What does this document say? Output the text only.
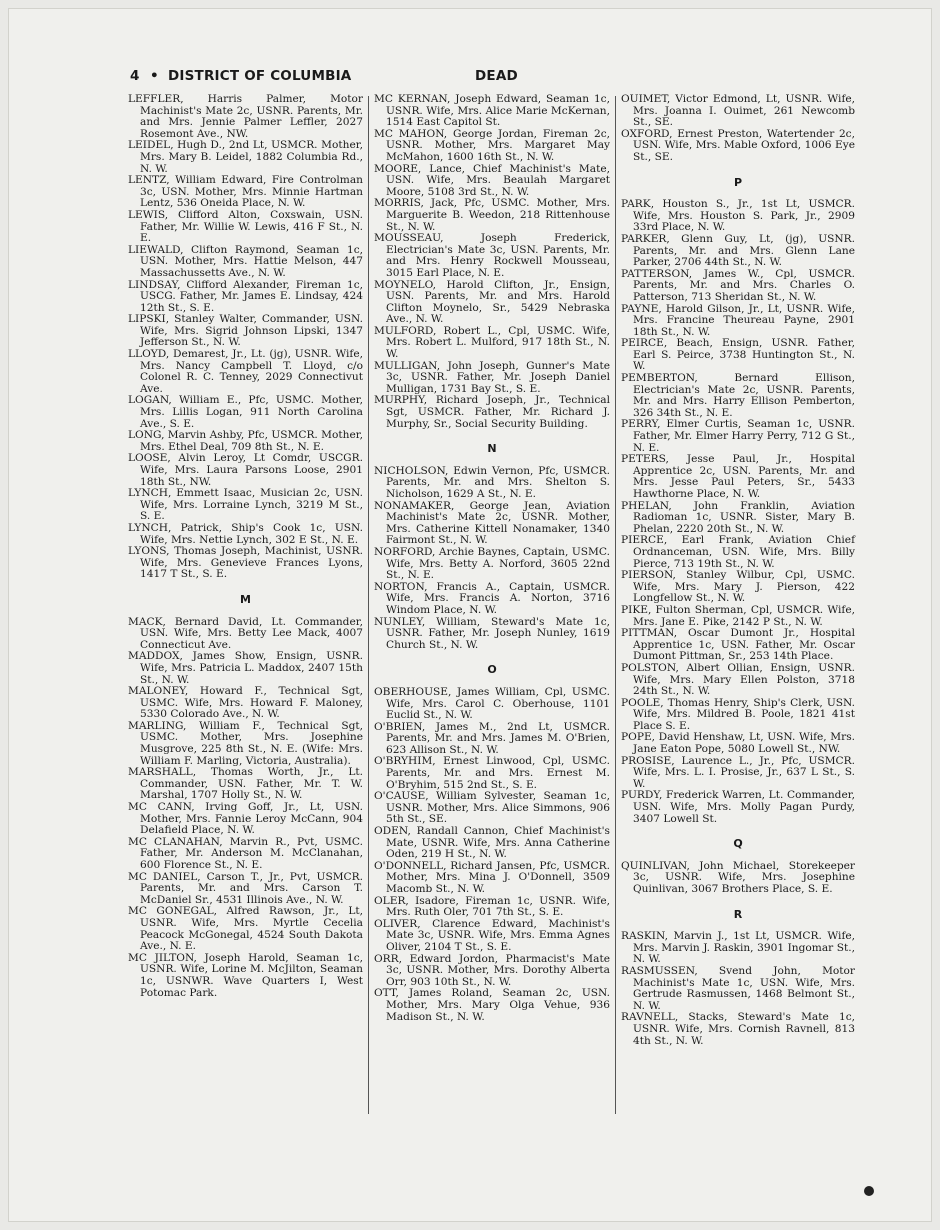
4 • DISTRICT OF COLUMBIA	DEAD
LEFFLER, Harris Palmer, Motor Machinist's Mate 2c, USNR. Parents, Mr. and Mrs. Jennie Palmer Leffler, 2027 Rosemont Ave., NW.
LEIDEL, Hugh D., 2nd Lt, USMCR. Mother, Mrs. Mary B. Leidel, 1882 Columbia Rd., N. W.
LENTZ, William Edward, Fire Controlman 3c, USN. Mother, Mrs. Minnie Hartman Lentz, 536 Oneida Place, N. W.
LEWIS, Clifford Alton, Coxswain, USN. Father, Mr. Willie W. Lewis, 416 F St., N. E.
LIEWALD, Clifton Raymond, Seaman 1c, USN. Mother, Mrs. Hattie Melson, 447 Massachussetts Ave., N. W.
LINDSAY, Clifford Alexander, Fireman 1c, USCG. Father, Mr. James E. Lindsay, 424 12th St., S. E.
LIPSKI, Stanley Walter, Commander, USN. Wife, Mrs. Sigrid Johnson Lipski, 1347 Jefferson St., N. W.
LLOYD, Demarest, Jr., Lt. (jg), USNR. Wife, Mrs. Nancy Campbell T. Lloyd, c/o Colonel R. C. Tenney, 2029 Connectivut Ave.
LOGAN, William E., Pfc, USMC. Mother, Mrs. Lillis Logan, 911 North Carolina Ave., S. E.
LONG, Marvin Ashby, Pfc, USMCR. Mother, Mrs. Ethel Deal, 709 8th St., N. E.
LOOSE, Alvin Leroy, Lt Comdr, USCGR. Wife, Mrs. Laura Parsons Loose, 2901 18th St., NW.
LYNCH, Emmett Isaac, Musician 2c, USN. Wife, Mrs. Lorraine Lynch, 3219 M St., S. E.
LYNCH, Patrick, Ship's Cook 1c, USN. Wife, Mrs. Nettie Lynch, 302 E St., N. E.
LYONS, Thomas Joseph, Machinist, USNR. Wife, Mrs. Genevieve Frances Lyons, 1417 T St., S. E.
M
MACK, Bernard David, Lt. Commander, USN. Wife, Mrs. Betty Lee Mack, 4007 Connecticut Ave.
MADDOX, James Show, Ensign, USNR. Wife, Mrs. Patricia L. Maddox, 2407 15th St., N. W.
MALONEY, Howard F., Technical Sgt, USMC. Wife, Mrs. Howard F. Maloney, 5330 Colorado Ave., N. W.
MARLING, William F., Technical Sgt, USMC. Mother, Mrs. Josephine Musgrove, 225 8th St., N. E. (Wife: Mrs. William F. Marling, Victoria, Australia).
MARSHALL, Thomas Worth, Jr., Lt. Commander, USN. Father, Mr. T. W. Marshal, 1707 Holly St., N. W.
MC CANN, Irving Goff, Jr., Lt, USN. Mother, Mrs. Fannie Leroy McCann, 904 Delafield Place, N. W.
MC CLANAHAN, Marvin R., Pvt, USMC. Father, Mr. Anderson M. McClanahan, 600 Florence St., N. E.
MC DANIEL, Carson T., Jr., Pvt, USMCR. Parents, Mr. and Mrs. Carson T. McDaniel Sr., 4531 Illinois Ave., N. W.
MC GONEGAL, Alfred Rawson, Jr., Lt, USNR. Wife, Mrs. Myrtle Cecelia Peacock McGonegal, 4524 South Dakota Ave., N. E.
MC JILTON, Joseph Harold, Seaman 1c, USNR. Wife, Lorine M. McJilton, Seaman 1c, USNWR. Wave Quarters I, West Potomac Park.
MC KERNAN, Joseph Edward, Seaman 1c, USNR. Wife, Mrs. Alice Marie McKernan, 1514 East Capitol St.
MC MAHON, George Jordan, Fireman 2c, USNR. Mother, Mrs. Margaret May McMahon, 1600 16th St., N. W.
MOORE, Lance, Chief Machinist's Mate, USN. Wife, Mrs. Beaulah Margaret Moore, 5108 3rd St., N. W.
MORRIS, Jack, Pfc, USMC. Mother, Mrs. Marguerite B. Weedon, 218 Rittenhouse St., N. W.
MOUSSEAU, Joseph Frederick, Electrician's Mate 3c, USN. Parents, Mr. and Mrs. Henry Rockwell Mousseau, 3015 Earl Place, N. E.
MOYNELO, Harold Clifton, Jr., Ensign, USN. Parents, Mr. and Mrs. Harold Clifton Moynelo, Sr., 5429 Nebraska Ave., N. W.
MULFORD, Robert L., Cpl, USMC. Wife, Mrs. Robert L. Mulford, 917 18th St., N. W.
MULLIGAN, John Joseph, Gunner's Mate 3c, USNR. Father, Mr. Joseph Daniel Mulligan, 1731 Bay St., S. E.
MURPHY, Richard Joseph, Jr., Technical Sgt, USMCR. Father, Mr. Richard J. Murphy, Sr., Social Security Building.
N
NICHOLSON, Edwin Vernon, Pfc, USMCR. Parents, Mr. and Mrs. Shelton S. Nicholson, 1629 A St., N. E.
NONAMAKER, George Jean, Aviation Machinist's Mate 2c, USNR. Mother, Mrs. Catherine Kittell Nonamaker, 1340 Fairmont St., N. W.
NORFORD, Archie Baynes, Captain, USMC. Wife, Mrs. Betty A. Norford, 3605 22nd St., N. E.
NORTON, Francis A., Captain, USMCR. Wife, Mrs. Francis A. Norton, 3716 Windom Place, N. W.
NUNLEY, William, Steward's Mate 1c, USNR. Father, Mr. Joseph Nunley, 1619 Church St., N. W.
O
OBERHOUSE, James William, Cpl, USMC. Wife, Mrs. Carol C. Oberhouse, 1101 Euclid St., N. W.
O'BRIEN, James M., 2nd Lt, USMCR. Parents, Mr. and Mrs. James M. O'Brien, 623 Allison St., N. W.
O'BRYHIM, Ernest Linwood, Cpl, USMC. Parents, Mr. and Mrs. Ernest M. O'Bryhim, 515 2nd St., S. E.
O'CAUSE, William Sylvester, Seaman 1c, USNR. Mother, Mrs. Alice Simmons, 906 5th St., SE.
ODEN, Randall Cannon, Chief Machinist's Mate, USNR. Wife, Mrs. Anna Catherine Oden, 219 H St., N. W.
O'DONNELL, Richard Jansen, Pfc, USMCR. Mother, Mrs. Mina J. O'Donnell, 3509 Macomb St., N. W.
OLER, Isadore, Fireman 1c, USNR. Wife, Mrs. Ruth Oler, 701 7th St., S. E.
OLIVER, Clarence Edward, Machinist's Mate 3c, USNR. Wife, Mrs. Emma Agnes Oliver, 2104 T St., S. E.
ORR, Edward Jordon, Pharmacist's Mate 3c, USNR. Mother, Mrs. Dorothy Alberta Orr, 903 10th St., N. W.
OTT, James Roland, Seaman 2c, USN. Mother, Mrs. Mary Olga Vehue, 936 Madison St., N. W.
OUIMET, Victor Edmond, Lt, USNR. Wife, Mrs. Joanna I. Ouimet, 261 Newcomb St., SE.
OXFORD, Ernest Preston, Watertender 2c, USN. Wife, Mrs. Mable Oxford, 1006 Eye St., SE.
P
PARK, Houston S., Jr., 1st Lt, USMCR. Wife, Mrs. Houston S. Park, Jr., 2909 33rd Place, N. W.
PARKER, Glenn Guy, Lt, (jg), USNR. Parents, Mr. and Mrs. Glenn Lane Parker, 2706 44th St., N. W.
PATTERSON, James W., Cpl, USMCR. Parents, Mr. and Mrs. Charles O. Patterson, 713 Sheridan St., N. W.
PAYNE, Harold Gilson, Jr., Lt, USNR. Wife, Mrs. Francine Theureau Payne, 2901 18th St., N. W.
PEIRCE, Beach, Ensign, USNR. Father, Earl S. Peirce, 3738 Huntington St., N. W.
PEMBERTON, Bernard Ellison, Electrician's Mate 2c, USNR. Parents, Mr. and Mrs. Harry Ellison Pemberton, 326 34th St., N. E.
PERRY, Elmer Curtis, Seaman 1c, USNR. Father, Mr. Elmer Harry Perry, 712 G St., N. E.
PETERS, Jesse Paul, Jr., Hospital Apprentice 2c, USN. Parents, Mr. and Mrs. Jesse Paul Peters, Sr., 5433 Hawthorne Place, N. W.
PHELAN, John Franklin, Aviation Radioman 1c, USNR. Sister, Mary B. Phelan, 2220 20th St., N. W.
PIERCE, Earl Frank, Aviation Chief Ordnanceman, USN. Wife, Mrs. Billy Pierce, 713 19th St., N. W.
PIERSON, Stanley Wilbur, Cpl, USMC. Wife, Mrs. Mary J. Pierson, 422 Longfellow St., N. W.
PIKE, Fulton Sherman, Cpl, USMCR. Wife, Mrs. Jane E. Pike, 2142 P St., N. W.
PITTMAN, Oscar Dumont Jr., Hospital Apprentice 1c, USN. Father, Mr. Oscar Dumont Pittman, Sr., 253 14th Place.
POLSTON, Albert Ollian, Ensign, USNR. Wife, Mrs. Mary Ellen Polston, 3718 24th St., N. W.
POOLE, Thomas Henry, Ship's Clerk, USN. Wife, Mrs. Mildred B. Poole, 1821 41st Place S. E.
POPE, David Henshaw, Lt, USN. Wife, Mrs. Jane Eaton Pope, 5080 Lowell St., NW.
PROSISE, Laurence L., Jr., Pfc, USMCR. Wife, Mrs. L. I. Prosise, Jr., 637 L St., S. W.
PURDY, Frederick Warren, Lt. Commander, USN. Wife, Mrs. Molly Pagan Purdy, 3407 Lowell St.
Q
QUINLIVAN, John Michael, Storekeeper 3c, USNR. Wife, Mrs. Josephine Quinlivan, 3067 Brothers Place, S. E.
R
RASKIN, Marvin J., 1st Lt, USMCR. Wife, Mrs. Marvin J. Raskin, 3901 Ingomar St., N. W.
RASMUSSEN, Svend John, Motor Machinist's Mate 1c, USN. Wife, Mrs. Gertrude Rasmussen, 1468 Belmont St., N. W.
RAVNELL, Stacks, Steward's Mate 1c, USNR. Wife, Mrs. Cornish Ravnell, 813 4th St., N. W.
